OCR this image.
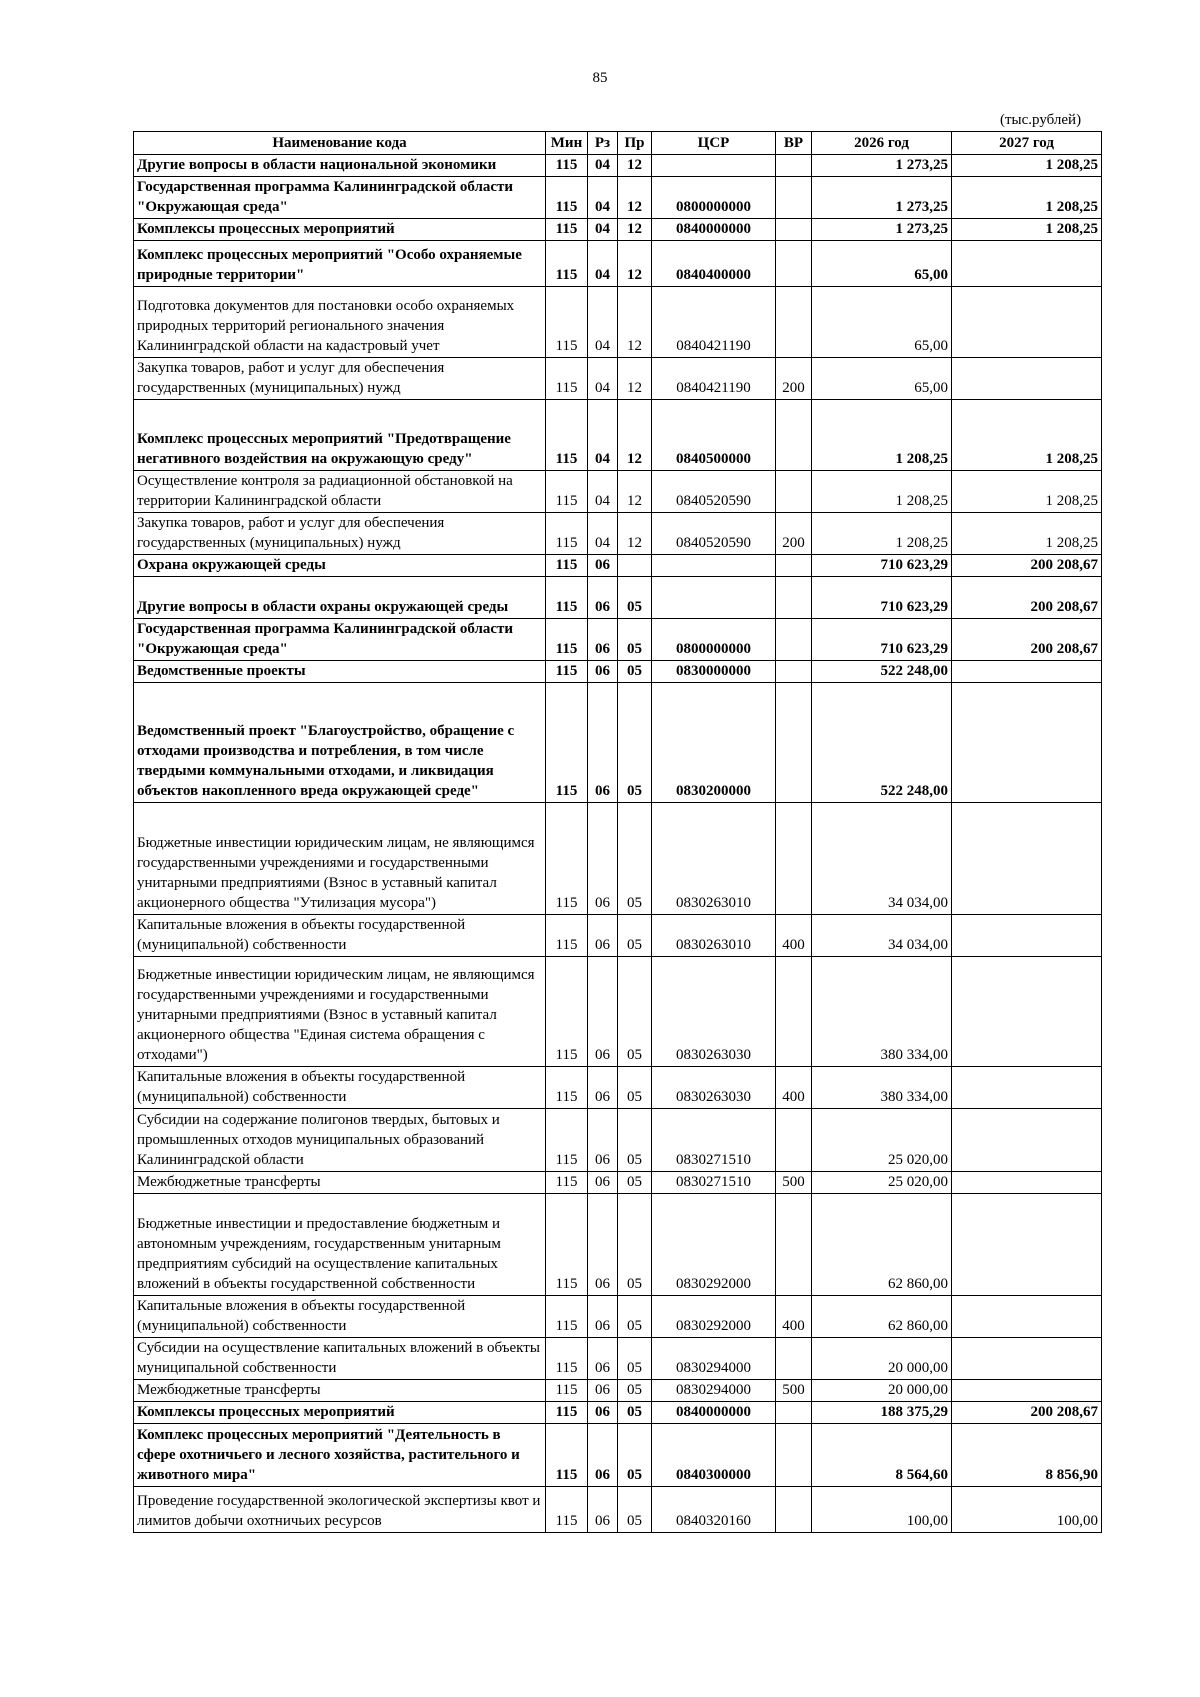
85
(тыс.рублей)
Наименование кода	Мин	Рз	Пр	ЦСР	ВР	2026 год	2027 год
Другие вопросы в области национальной экономики	115	04	12			1 273,25	1 208,25
Государственная программа Калининградской области "Окружающая среда"	115	04	12	0800000000		1 273,25	1 208,25
Комплексы процессных мероприятий	115	04	12	0840000000		1 273,25	1 208,25
Комплекс процессных мероприятий "Особо охраняемые природные территории"	115	04	12	0840400000		65,00	
Подготовка документов для постановки особо охраняемых природных территорий регионального значения Калининградской области на кадастровый учет	115	04	12	0840421190		65,00	
Закупка товаров, работ и услуг для обеспечения государственных (муниципальных) нужд	115	04	12	0840421190	200	65,00	
Комплекс процессных мероприятий "Предотвращение негативного воздействия на окружающую среду"	115	04	12	0840500000		1 208,25	1 208,25
Осуществление контроля за радиационной обстановкой на территории Калининградской области	115	04	12	0840520590		1 208,25	1 208,25
Закупка товаров, работ и услуг для обеспечения государственных (муниципальных) нужд	115	04	12	0840520590	200	1 208,25	1 208,25
Охрана окружающей среды	115	06				710 623,29	200 208,67
Другие вопросы в области охраны окружающей среды	115	06	05			710 623,29	200 208,67
Государственная программа Калининградской области "Окружающая среда"	115	06	05	0800000000		710 623,29	200 208,67
Ведомственные проекты	115	06	05	0830000000		522 248,00	
Ведомственный проект "Благоустройство, обращение с отходами производства и потребления, в том числе твердыми коммунальными отходами, и ликвидация объектов накопленного вреда окружающей среде"	115	06	05	0830200000		522 248,00	
Бюджетные инвестиции юридическим лицам, не являющимся государственными учреждениями и государственными унитарными предприятиями (Взнос в уставный капитал акционерного общества "Утилизация мусора")	115	06	05	0830263010		34 034,00	
Капитальные вложения в объекты государственной (муниципальной) собственности	115	06	05	0830263010	400	34 034,00	
Бюджетные инвестиции юридическим лицам, не являющимся государственными учреждениями и государственными унитарными предприятиями (Взнос в уставный капитал акционерного общества "Единая система обращения с отходами")	115	06	05	0830263030		380 334,00	
Капитальные вложения в объекты государственной (муниципальной) собственности	115	06	05	0830263030	400	380 334,00	
Субсидии на содержание полигонов твердых, бытовых и промышленных отходов муниципальных образований Калининградской области	115	06	05	0830271510		25 020,00	
Межбюджетные трансферты	115	06	05	0830271510	500	25 020,00	
Бюджетные инвестиции и предоставление бюджетным и автономным учреждениям, государственным унитарным предприятиям субсидий на осуществление капитальных вложений в объекты государственной собственности	115	06	05	0830292000		62 860,00	
Капитальные вложения в объекты государственной (муниципальной) собственности	115	06	05	0830292000	400	62 860,00	
Субсидии на осуществление капитальных вложений в объекты муниципальной собственности	115	06	05	0830294000		20 000,00	
Межбюджетные трансферты	115	06	05	0830294000	500	20 000,00	
Комплексы процессных мероприятий	115	06	05	0840000000		188 375,29	200 208,67
Комплекс процессных мероприятий "Деятельность в сфере охотничьего и лесного хозяйства, растительного и животного мира"	115	06	05	0840300000		8 564,60	8 856,90
Проведение государственной экологической экспертизы квот и лимитов добычи охотничьих ресурсов	115	06	05	0840320160		100,00	100,00
